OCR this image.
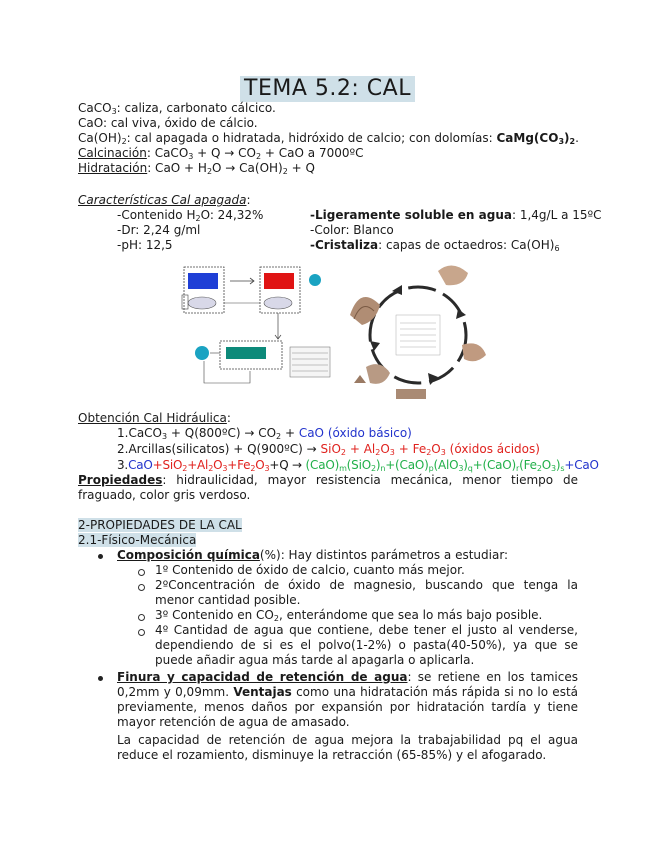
TEMA 5.2: CAL
CaCO$_3$: caliza, carbonato cálcico.
CaO: cal viva, óxido de cálcio.
$Ca(OH)_2$: cal apagada o hidratada, hidróxido de calcio; con dolomías: $CaMg(CO_3)_2$.
Calcinación: CaCO$_3$ + $Q \to CO_2$ + CaO a 7000ºC
Hidratación: CaO + $H_2O \to Ca(OH)_2 + Q$
Características Cal apagada:
-Contenido $H_2O$: 24,32%
-Dr: 2,24 g/ml
-pH: 12,5
-Ligeramente soluble en agua: 1,4g/L a 15ºC
-Color: Blanco
-Cristaliza: capas de octaedros: $Ca(OH)_6$
Obtención Cal Hidráulica:
1.CaCO$_3$ + Q(800ºC) → $CO_2$ + CaO (óxido básico)
2.Arcillas(silicatos) + Q(900ºC) → $SiO_2 + Al_2O_3 + Fe_2O_3$ (óxidos ácidos)
$3.CaO+SiO_2+Al_2O_3+Fe_2O_3+Q \to (CaO)_m(SiO_2)_n+(CaO)_p(AlO_3)_q+(CaO)_r(Fe_2O_3)_s+CaO$
Propiedades: hidraulicidad, mayor resistencia mecánica, menor tiempo de fraguado, color gris verdoso.
2-PROPIEDADES DE LA CAL
2.1-Físico-Mecánica
Composición química(%): Hay distintos parámetros a estudiar:
1º Contenido de óxido de calcio, cuanto más mejor.
2ºConcentración de óxido de magnesio, buscando que tenga la menor cantidad posible.
3º Contenido en $CO_2$, enterándome que sea lo más bajo posible.
4º Cantidad de agua que contiene, debe tener el justo al venderse, dependiendo de si es el polvo(1-2%) o pasta(40-50%), ya que se puede añadir agua más tarde al apagarla o aplicarla.
Finura y capacidad de retención de agua: se retiene en los tamices 0,2mm y 0,09mm. Ventajas como una hidratación más rápida si no lo está previamente, menos daños por expansión por hidratación tardía y tiene mayor retención de agua de amasado.
La capacidad de retención de agua mejora la trabajabilidad pq el agua reduce el rozamiento, disminuye la retracción (65-85%) y el afogarado.
